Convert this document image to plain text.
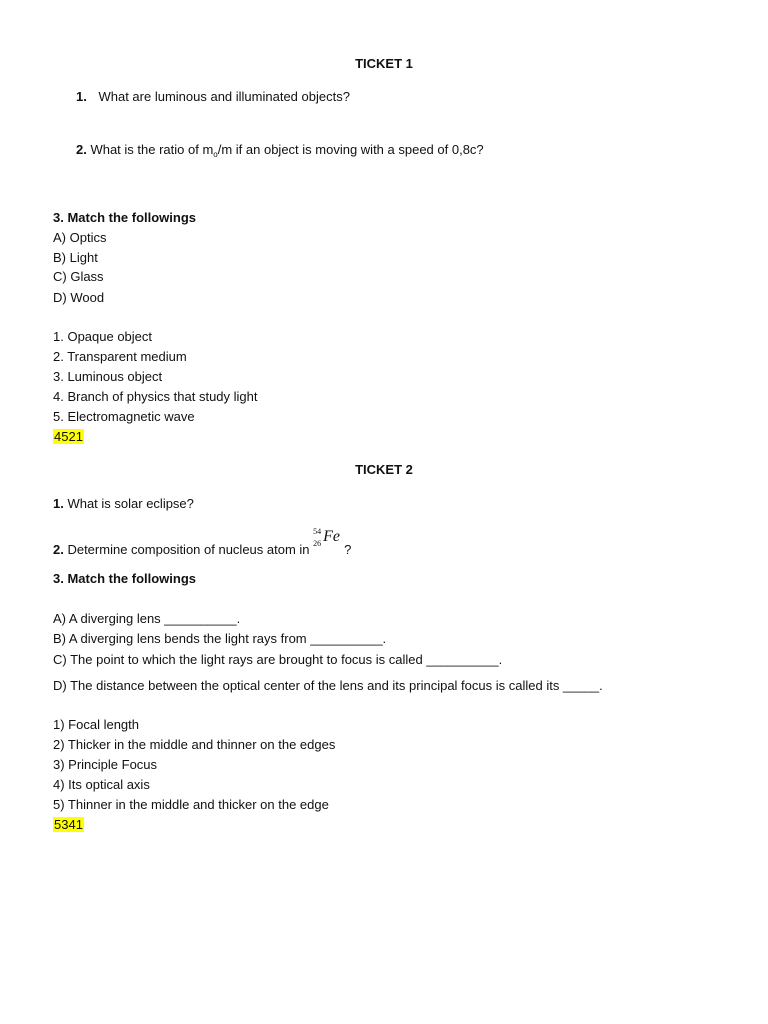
TICKET 1
1. What are luminous and illuminated objects?
2. What is the ratio of $m_o/m$ if an object is moving with a speed of 0,8c?
3. Match the followings
A) Optics
B) Light
C) Glass
D) Wood
1. Opaque object
2. Transparent medium
3. Luminous object
4. Branch of physics that study light
5. Electromagnetic wave
4521
TICKET 2
1. What is solar eclipse?
2. Determine composition of nucleus atom in
54
26 Fe
?
3. Match the followings
A) A diverging lens __________.
B) A diverging lens bends the light rays from __________.
C) The point to which the light rays are brought to focus is called __________.
D) The distance between the optical center of the lens and its principal focus is called its _____.
1) Focal length
2) Thicker in the middle and thinner on the edges
3) Principle Focus
4) Its optical axis
5) Thinner in the middle and thicker on the edge
5341
